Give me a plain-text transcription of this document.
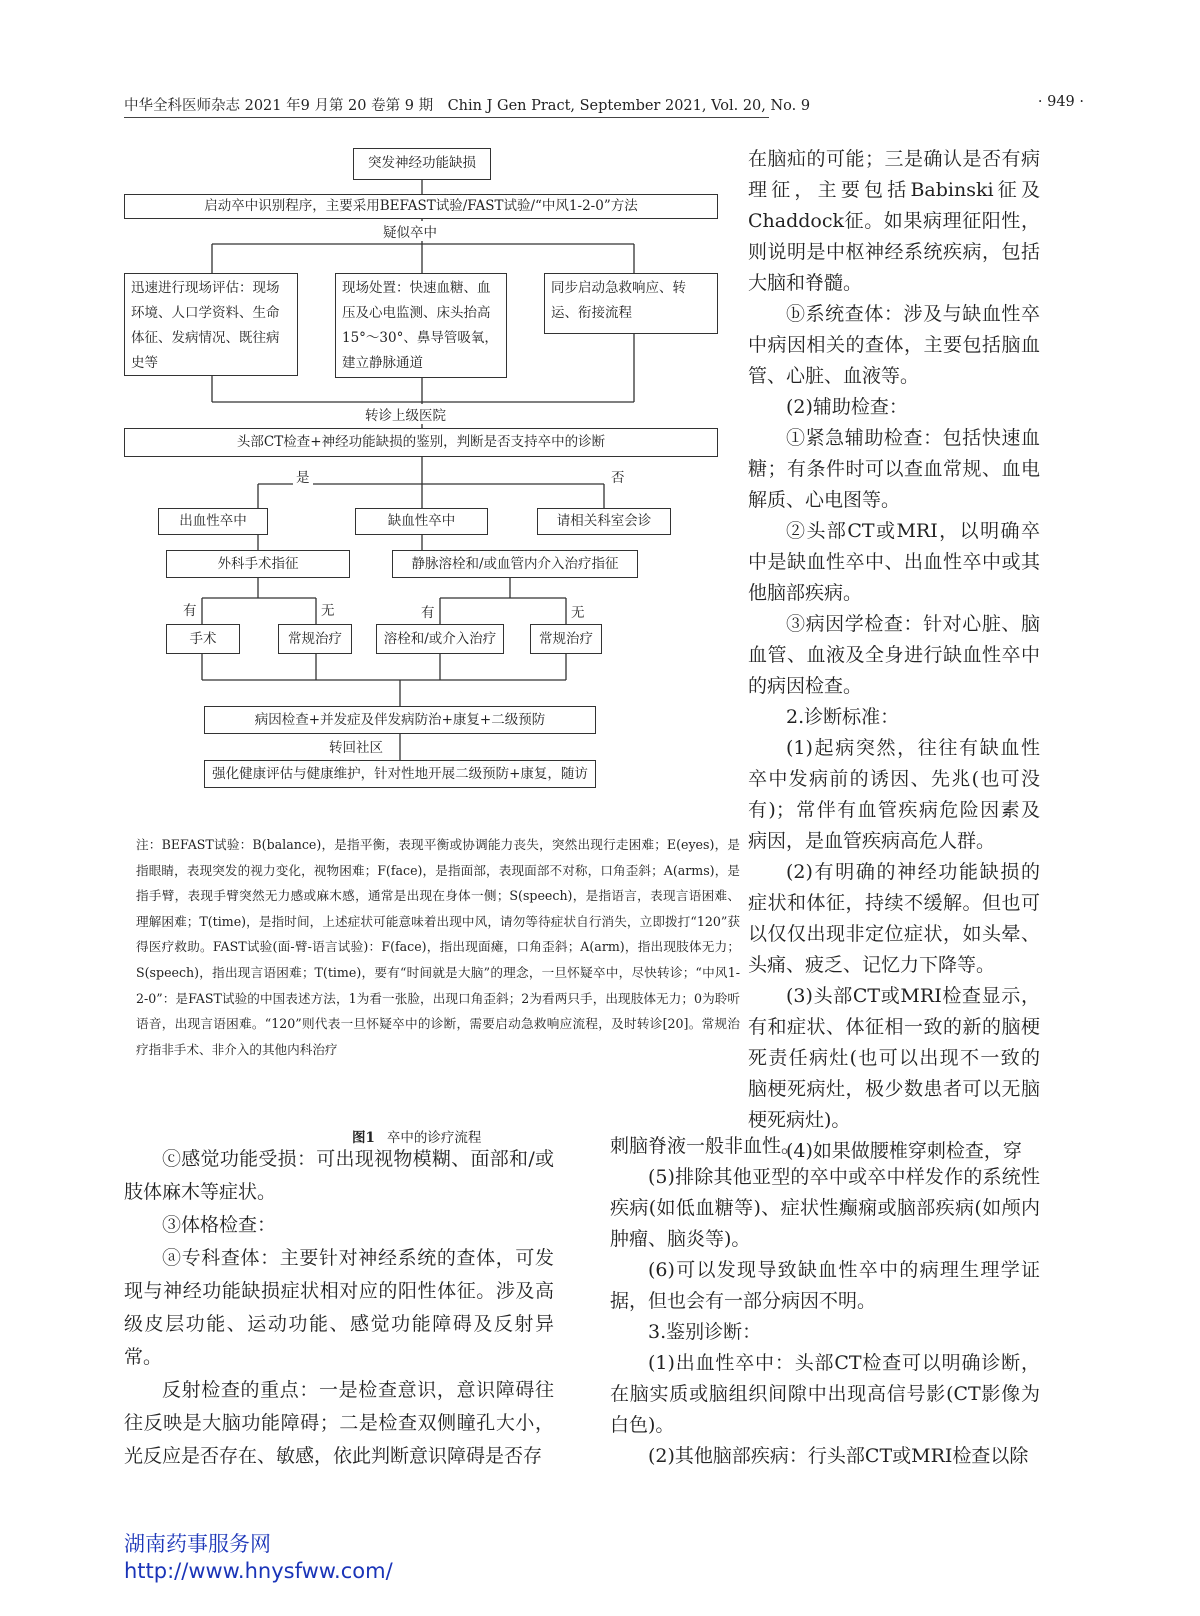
中华全科医师杂志 2021 年9 月第 20 卷第 9 期　Chin J Gen Pract, September 2021, Vol. 20, No. 9	· 949 ·
突发神经功能缺损
启动卒中识别程序，主要采用BEFAST试验/FAST试验/“中风1-2-0”方法
疑似卒中
迅速进行现场评估：现场环境、人口学资料、生命体征、发病情况、既往病史等
现场处置：快速血糖、血压及心电监测、床头抬高15°～30°、鼻导管吸氧，建立静脉通道
同步启动急救响应、转运、衔接流程
转诊上级医院
头部CT检查+神经功能缺损的鉴别，判断是否支持卒中的诊断
是	否
出血性卒中	缺血性卒中	请相关科室会诊
外科手术指征	静脉溶栓和/或血管内介入治疗指征
有	无	有	无
手术	常规治疗	溶栓和/或介入治疗	常规治疗
病因检查+并发症及伴发病防治+康复+二级预防
转回社区
强化健康评估与健康维护，针对性地开展二级预防+康复，随访
注：BEFAST试验：B(balance)，是指平衡，表现平衡或协调能力丧失，突然出现行走困难；E(eyes)，是指眼睛，表现突发的视力变化，视物困难；F(face)，是指面部，表现面部不对称，口角歪斜；A(arms)，是指手臂，表现手臂突然无力感或麻木感，通常是出现在身体一侧；S(speech)，是指语言，表现言语困难、理解困难；T(time)，是指时间，上述症状可能意味着出现中风，请勿等待症状自行消失，立即拨打“120”获得医疗救助。FAST试验(面-臂-语言试验)：F(face)，指出现面瘫，口角歪斜；A(arm)，指出现肢体无力；S(speech)，指出现言语困难；T(time)，要有“时间就是大脑”的理念，一旦怀疑卒中，尽快转诊；“中风1-2-0”：是FAST试验的中国表述方法，1为看一张脸，出现口角歪斜；2为看两只手，出现肢体无力；0为聆听语音，出现言语困难。“120”则代表一旦怀疑卒中的诊断，需要启动急救响应流程，及时转诊[20]。常规治疗指非手术、非介入的其他内科治疗
图1 卒中的诊疗流程

在脑疝的可能；三是确认是否有病理征，主要包括Babinski征及Chaddock征。如果病理征阳性，则说明是中枢神经系统疾病，包括大脑和脊髓。

ⓑ系统查体：涉及与缺血性卒中病因相关的查体，主要包括脑血管、心脏、血液等。

(2)辅助检查：

①紧急辅助检查：包括快速血糖；有条件时可以查血常规、血电解质、心电图等。

②头部CT或MRI，以明确卒中是缺血性卒中、出血性卒中或其他脑部疾病。

③病因学检查：针对心脏、脑血管、血液及全身进行缺血性卒中的病因检查。

2.诊断标准：

(1)起病突然，往往有缺血性卒中发病前的诱因、先兆(也可没有)；常伴有血管疾病危险因素及病因，是血管疾病高危人群。

(2)有明确的神经功能缺损的症状和体征，持续不缓解。但也可以仅仅出现非定位症状，如头晕、头痛、疲乏、记忆力下降等。

(3)头部CT或MRI检查显示，有和症状、体征相一致的新的脑梗死责任病灶(也可以出现不一致的脑梗死病灶，极少数患者可以无脑梗死病灶)。

(4)如果做腰椎穿刺检查，穿

刺脑脊液一般非血性。

(5)排除其他亚型的卒中或卒中样发作的系统性疾病(如低血糖等)、症状性癫痫或脑部疾病(如颅内肿瘤、脑炎等)。

(6)可以发现导致缺血性卒中的病理生理学证据，但也会有一部分病因不明。

3.鉴别诊断：

(1)出血性卒中：头部CT检查可以明确诊断，在脑实质或脑组织间隙中出现高信号影(CT影像为白色)。

(2)其他脑部疾病：行头部CT或MRI检查以除

ⓒ感觉功能受损：可出现视物模糊、面部和/或肢体麻木等症状。

③体格检查：

ⓐ专科查体：主要针对神经系统的查体，可发现与神经功能缺损症状相对应的阳性体征。涉及高级皮层功能、运动功能、感觉功能障碍及反射异常。

反射检查的重点：一是检查意识，意识障碍往往反映是大脑功能障碍；二是检查双侧瞳孔大小，光反应是否存在、敏感，依此判断意识障碍是否存

湖南药事服务网
http://www.hnysfww.com/
